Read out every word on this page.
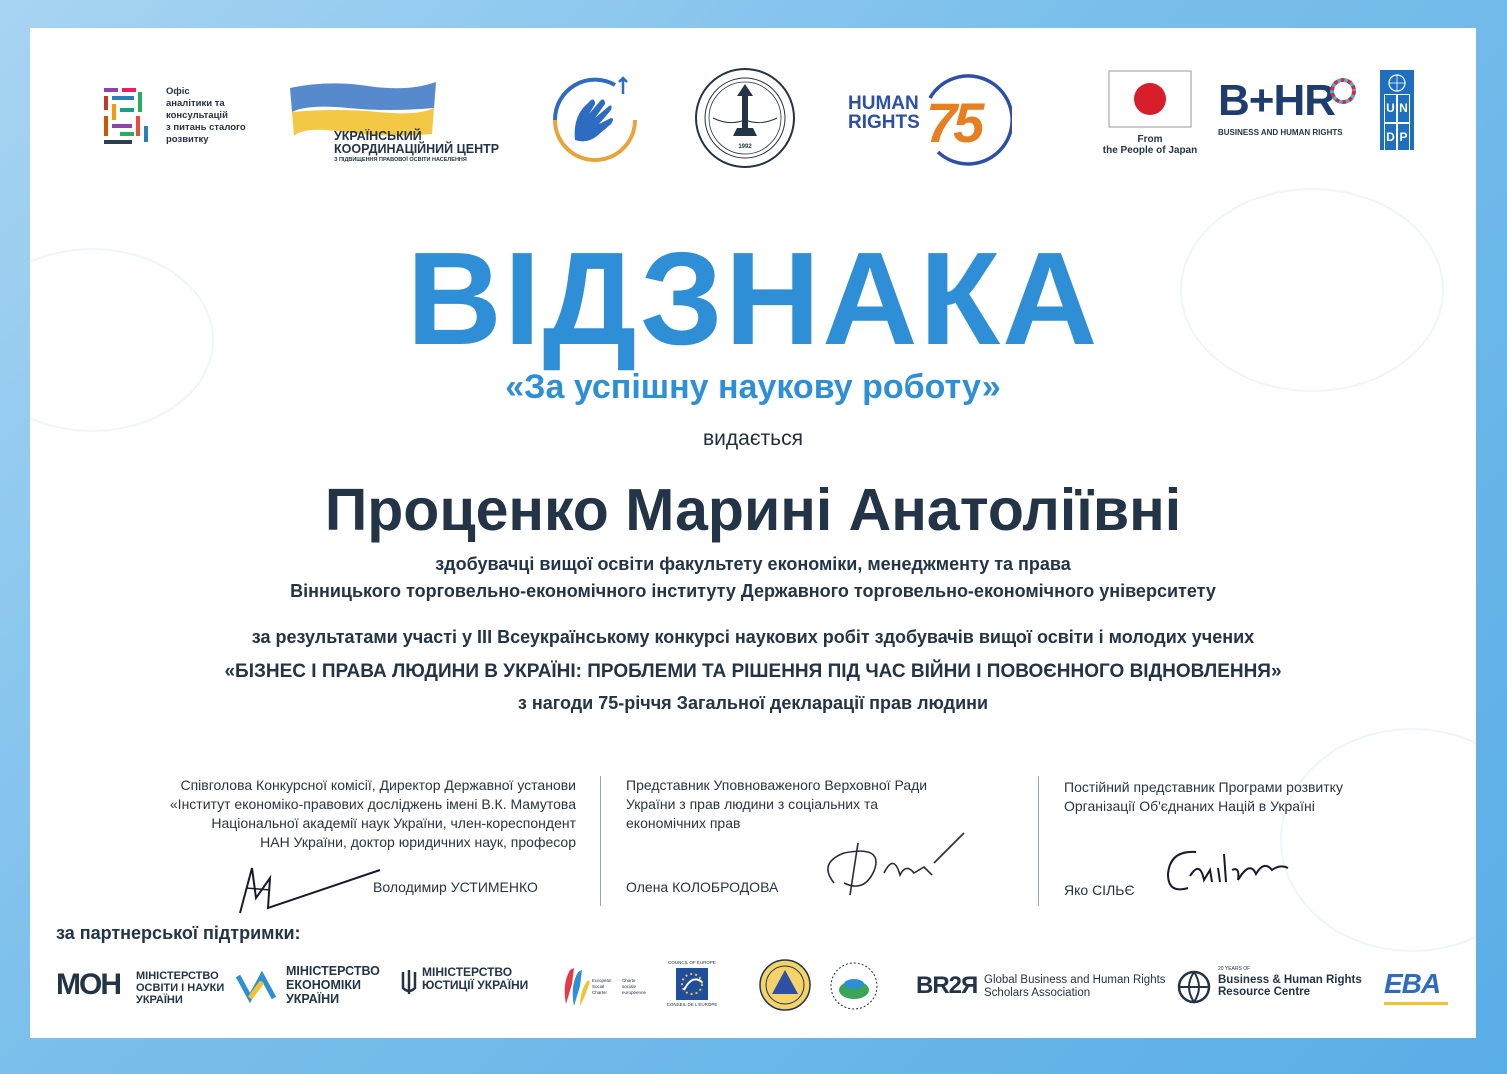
Офіс
аналітики та
консультацій
з питань сталого
розвитку	УКРАЇНСЬКИЙ
КООРДИНАЦІЙНИЙ ЦЕНТР
З ПІДВИЩЕННЯ ПРАВОВОЇ ОСВІТИ НАСЕЛЕННЯ
1992
HUMAN
RIGHTS 75	From
the People of Japan
B+HR
BUSINESS AND HUMAN RIGHTS
U N
D P
ВІДЗНАКА
«За успішну наукову роботу»
видається
Проценко Марині Анатоліївні
здобувачці вищої освіти факультету економіки, менеджменту та права
Вінницького торговельно-економічного інституту Державного торговельно-економічного університету
за результатами участі у ІІІ Всеукраїнському конкурсі наукових робіт здобувачів вищої освіти і молодих учених
«БІЗНЕС І ПРАВА ЛЮДИНИ В УКРАЇНІ: ПРОБЛЕМИ ТА РІШЕННЯ ПІД ЧАС ВІЙНИ І ПОВОЄННОГО ВІДНОВЛЕННЯ»
з нагоди 75-річчя Загальної декларації прав людини
Співголова Конкурсної комісії, Директор Державної установи
«Інститут економіко-правових досліджень імені В.К. Мамутова
Національної академії наук України, член-кореспондент
НАН України, доктор юридичних наук, професор
Володимир УСТИМЕНКО
Представник Уповноваженого Верховної Ради
України з прав людини з соціальних та
економічних прав
Олена КОЛОБРОДОВА
Постійний представник Програми розвитку
Організації Об'єднаних Націй в Україні
Яко СІЛЬЄ
за партнерської підтримки:
МОН МІНІСТЕРСТВО
ОСВІТИ І НАУКИ
УКРАЇНИ
МІНІСТЕРСТВО
ЕКОНОМІКИ
УКРАЇНИ
МІНІСТЕРСТВО
ЮСТИЦІЇ УКРАЇНИ	European
Social
Charter
Charte
sociale
européenne
COUNCIL OF EUROPE
CONSEIL DE L'EUROPE
BR2Я Global Business and Human Rights
Scholars Association
20 YEARS OF
Business & Human Rights
Resource Centre	EBA
